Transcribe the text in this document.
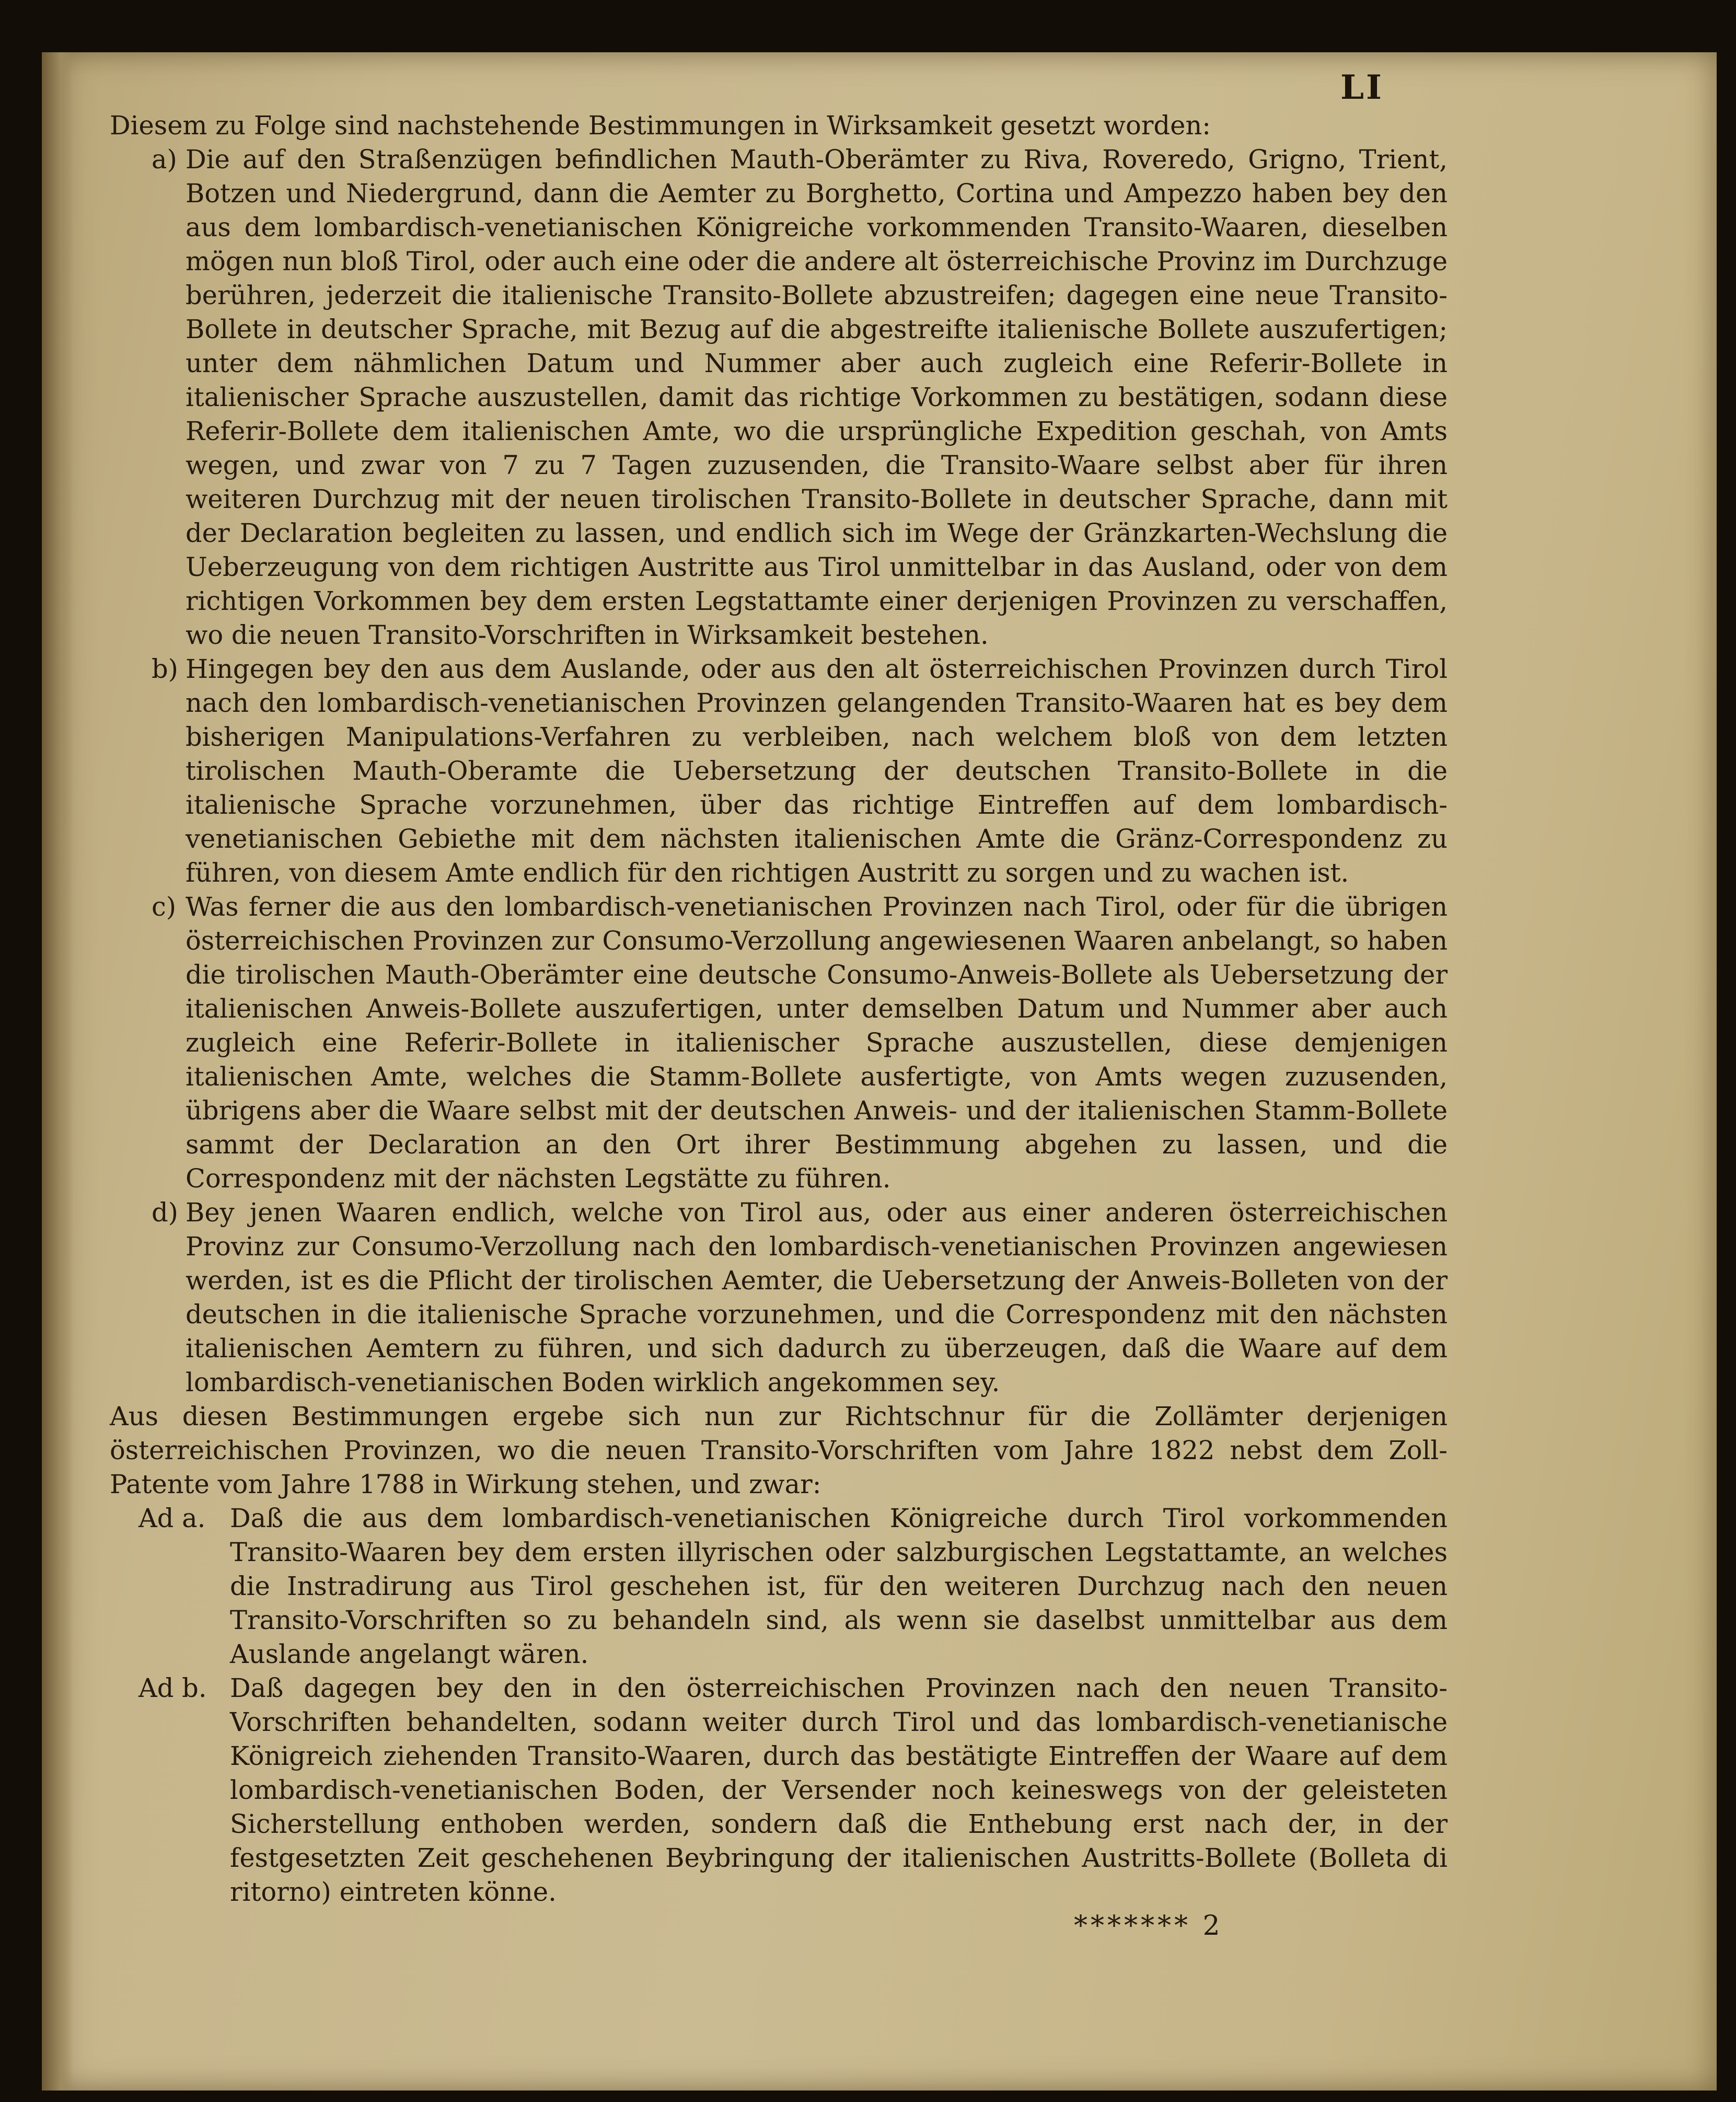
LI

Diesem zu Folge sind nachstehende Bestimmungen in Wirksamkeit gesetzt worden:

a) Die auf den Straßenzügen befindlichen Mauth-Oberämter zu Riva, Roveredo, Grigno, Trient, Botzen und Niedergrund, dann die Aemter zu Borghetto, Cortina und Ampezzo haben bey den aus dem lombardisch-venetianischen Königreiche vorkommenden Transito-Waaren, dieselben mögen nun bloß Tirol, oder auch eine oder die andere alt österreichische Provinz im Durchzuge berühren, jederzeit die italienische Transito-Bollete abzustreifen; dagegen eine neue Transito-Bollete in deutscher Sprache, mit Bezug auf die abgestreifte italienische Bollete auszufertigen; unter dem nähmlichen Datum und Nummer aber auch zugleich eine Referir-Bollete in italienischer Sprache auszustellen, damit das richtige Vorkommen zu bestätigen, sodann diese Referir-Bollete dem italienischen Amte, wo die ursprüngliche Expedition geschah, von Amts wegen, und zwar von 7 zu 7 Tagen zuzusenden, die Transito-Waare selbst aber für ihren weiteren Durchzug mit der neuen tirolischen Transito-Bollete in deutscher Sprache, dann mit der Declaration begleiten zu lassen, und endlich sich im Wege der Gränzkarten-Wechslung die Ueberzeugung von dem richtigen Austritte aus Tirol unmittelbar in das Ausland, oder von dem richtigen Vorkommen bey dem ersten Legstattamte einer derjenigen Provinzen zu verschaffen, wo die neuen Transito-Vorschriften in Wirksamkeit bestehen.

b) Hingegen bey den aus dem Auslande, oder aus den alt österreichischen Provinzen durch Tirol nach den lombardisch-venetianischen Provinzen gelangenden Transito-Waaren hat es bey dem bisherigen Manipulations-Verfahren zu verbleiben, nach welchem bloß von dem letzten tirolischen Mauth-Oberamte die Uebersetzung der deutschen Transito-Bollete in die italienische Sprache vorzunehmen, über das richtige Eintreffen auf dem lombardisch-venetianischen Gebiethe mit dem nächsten italienischen Amte die Gränz-Correspondenz zu führen, von diesem Amte endlich für den richtigen Austritt zu sorgen und zu wachen ist.

c) Was ferner die aus den lombardisch-venetianischen Provinzen nach Tirol, oder für die übrigen österreichischen Provinzen zur Consumo-Verzollung angewiesenen Waaren anbelangt, so haben die tirolischen Mauth-Oberämter eine deutsche Consumo-Anweis-Bollete als Uebersetzung der italienischen Anweis-Bollete auszufertigen, unter demselben Datum und Nummer aber auch zugleich eine Referir-Bollete in italienischer Sprache auszustellen, diese demjenigen italienischen Amte, welches die Stamm-Bollete ausfertigte, von Amts wegen zuzusenden, übrigens aber die Waare selbst mit der deutschen Anweis- und der italienischen Stamm-Bollete sammt der Declaration an den Ort ihrer Bestimmung abgehen zu lassen, und die Correspondenz mit der nächsten Legstätte zu führen.

d) Bey jenen Waaren endlich, welche von Tirol aus, oder aus einer anderen österreichischen Provinz zur Consumo-Verzollung nach den lombardisch-venetianischen Provinzen angewiesen werden, ist es die Pflicht der tirolischen Aemter, die Uebersetzung der Anweis-Bolleten von der deutschen in die italienische Sprache vorzunehmen, und die Correspondenz mit den nächsten italienischen Aemtern zu führen, und sich dadurch zu überzeugen, daß die Waare auf dem lombardisch-venetianischen Boden wirklich angekommen sey.

Aus diesen Bestimmungen ergebe sich nun zur Richtschnur für die Zollämter derjenigen österreichischen Provinzen, wo die neuen Transito-Vorschriften vom Jahre 1822 nebst dem Zoll-Patente vom Jahre 1788 in Wirkung stehen, und zwar:

Ad a. Daß die aus dem lombardisch-venetianischen Königreiche durch Tirol vorkommenden Transito-Waaren bey dem ersten illyrischen oder salzburgischen Legstattamte, an welches die Instradirung aus Tirol geschehen ist, für den weiteren Durchzug nach den neuen Transito-Vorschriften so zu behandeln sind, als wenn sie daselbst unmittelbar aus dem Auslande angelangt wären.

Ad b. Daß dagegen bey den in den österreichischen Provinzen nach den neuen Transito-Vorschriften behandelten, sodann weiter durch Tirol und das lombardisch-venetianische Königreich ziehenden Transito-Waaren, durch das bestätigte Eintreffen der Waare auf dem lombardisch-venetianischen Boden, der Versender noch keineswegs von der geleisteten Sicherstellung enthoben werden, sondern daß die Enthebung erst nach der, in der festgesetzten Zeit geschehenen Beybringung der italienischen Austritts-Bollete (Bolleta di ritorno) eintreten könne.

******* 2
